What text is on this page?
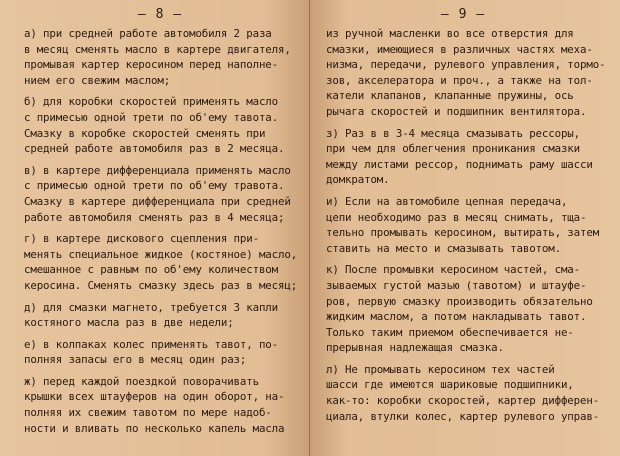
— 8 —
а) при средней работе автомобиля 2 раза
в месяц сменять масло в картере двигателя,
промывая картер керосином перед наполне-
нием его свежим маслом;
б) для коробки скоростей применять масло
с примесью одной трети по об'ему тавота.
Смазку в коробке скоростей сменять при
средней работе автомобиля раз в 2 месяца.
в) в картере дифференциала применять масло
с примесью одной трети по об'ему травота.
Смазку в картере дифференциала при средней
работе автомобиля сменять раз в 4 месяца;
г) в картере дискового сцепления при-
менять специальное жидкое (костяное) масло,
смешанное с равным по об'ему количеством
керосина. Сменять смазку здесь раз в месяц;
д) для смазки магнето, требуется 3 капли
костяного масла раз в две недели;
е) в колпаках колес применять тавот, по-
полняя запасы его в месяц один раз;
ж) перед каждой поездкой поворачивать
крышки всех штауферов на один оборот, на-
полняя их свежим тавотом по мере надоб-
ности и вливать по несколько капель масла
— 9 —
из ручной масленки во все отверстия для
смазки, имеющиеся в различных частях меха-
низма, передачи, рулевого управления, тормо-
зов, акселератора и проч., а также на тол-
катели клапанов, клапанные пружины, ось
рычага скоростей и подшипник вентилятора.
з) Раз в в 3-4 месяца смазывать рессоры,
при чем для облегчения проникания смазки
между листами рессор, поднимать раму шасси
домкратом.
и) Если на автомобиле цепная передача,
цепи необходимо раз в месяц снимать, тща-
тельно промывать керосином, вытирать, затем
ставить на место и смазывать тавотом.
к) После промывки керосином частей, сма-
зываемых густой мазью (тавотом) и штауфе-
ров, первую смазку производить обязательно
жидким маслом, а потом накладывать тавот.
Только таким приемом обеспечивается не-
прерывная надлежащая смазка.
л) Не промывать керосином тех частей
шасси где имеются шариковые подшипники,
как-то: коробки скоростей, картер дифферен-
циала, втулки колес, картер рулевого управ-
